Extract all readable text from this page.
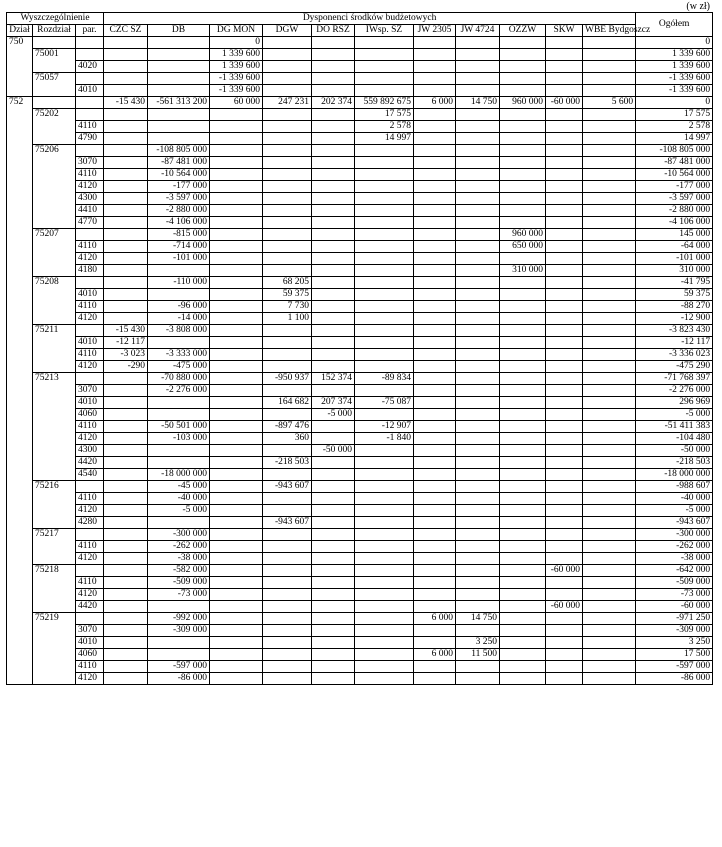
(w zł)
Wyszczególnienie			Dysponenci środków budżetowych											Ogółem
Dział	Rozdział	par.	CZC SZ	DB	DG MON	DGW	DO RSZ	IWsp. SZ	JW 2305	JW 4724	OZŻW	SKW	WBE Bydgoszcz	
750					0									0
	75001				1 339 600									1 339 600
		4020			1 339 600									1 339 600
	75057				-1 339 600									-1 339 600
		4010			-1 339 600									-1 339 600
752			-15 430	-561 313 200	60 000	247 231	202 374	559 892 675	6 000	14 750	960 000	-60 000	5 600	0
	75202							17 575						17 575
		4110						2 578						2 578
		4790						14 997						14 997
	75206			-108 805 000										-108 805 000
		3070		-87 481 000										-87 481 000
		4110		-10 564 000										-10 564 000
		4120		-177 000										-177 000
		4300		-3 597 000										-3 597 000
		4410		-2 880 000										-2 880 000
		4770		-4 106 000										-4 106 000
	75207			-815 000							960 000			145 000
		4110		-714 000							650 000			-64 000
		4120		-101 000										-101 000
		4180									310 000			310 000
	75208			-110 000		68 205								-41 795
		4010				59 375								59 375
		4110		-96 000		7 730								-88 270
		4120		-14 000		1 100								-12 900
	75211		-15 430	-3 808 000										-3 823 430
		4010	-12 117											-12 117
		4110	-3 023	-3 333 000										-3 336 023
		4120	-290	-475 000										-475 290
	75213			-70 880 000		-950 937	152 374	-89 834						-71 768 397
		3070		-2 276 000										-2 276 000
		4010				164 682	207 374	-75 087						296 969
		4060					-5 000							-5 000
		4110		-50 501 000		-897 476		-12 907						-51 411 383
		4120		-103 000		360		-1 840						-104 480
		4300					-50 000							-50 000
		4420				-218 503								-218 503
		4540		-18 000 000										-18 000 000
	75216			-45 000		-943 607								-988 607
		4110		-40 000										-40 000
		4120		-5 000										-5 000
		4280				-943 607								-943 607
	75217			-300 000										-300 000
		4110		-262 000										-262 000
		4120		-38 000										-38 000
	75218			-582 000								-60 000		-642 000
		4110		-509 000										-509 000
		4120		-73 000										-73 000
		4420										-60 000		-60 000
	75219			-992 000					6 000	14 750				-971 250
		3070		-309 000										-309 000
		4010								3 250				3 250
		4060							6 000	11 500				17 500
		4110		-597 000										-597 000
		4120		-86 000										-86 000
